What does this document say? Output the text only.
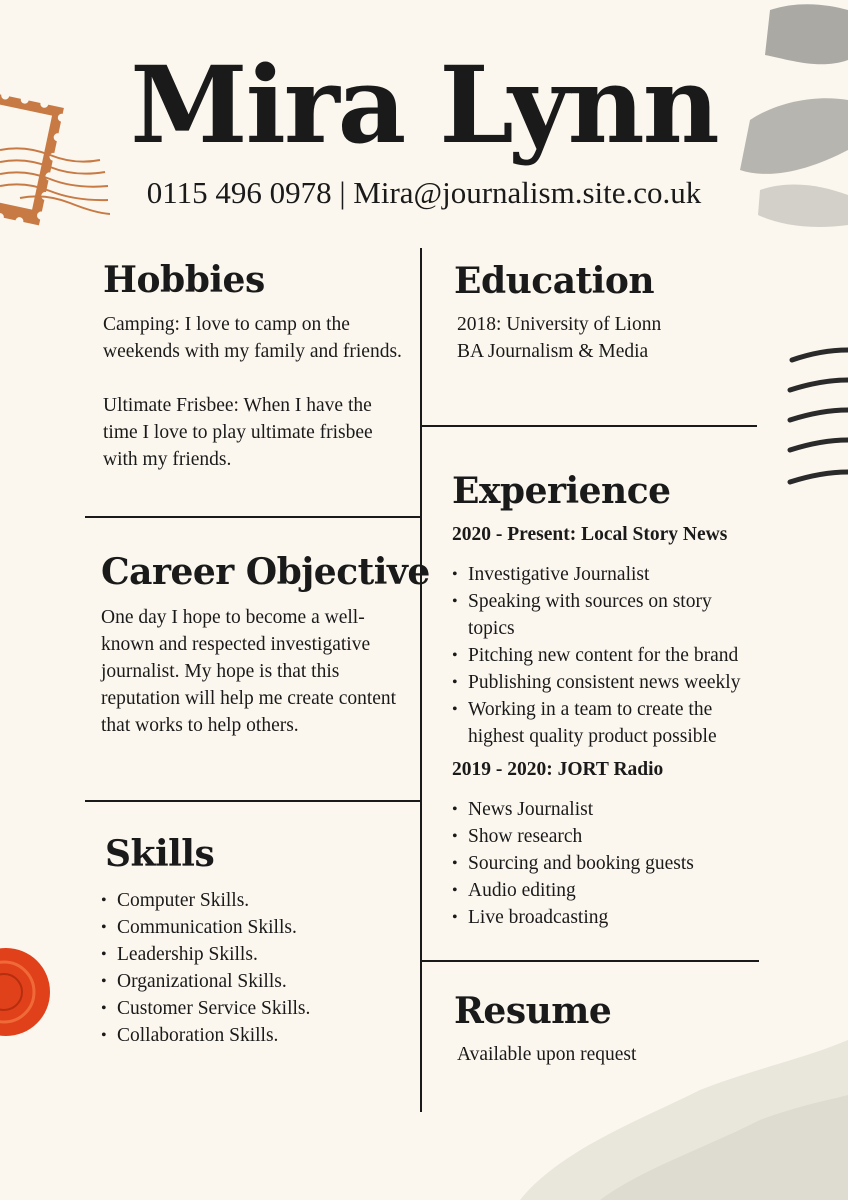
Mira Lynn
0115 496 0978 | Mira@journalism.site.co.uk
Hobbies

Camping: I love to camp on the weekends with my family and friends.

Ultimate Frisbee: When I have the time I love to play ultimate frisbee with my friends.

Career Objective
One day I hope to become a well-known and respected investigative journalist. My hope is that this reputation will help me create content that works to help others.
Skills
• Computer Skills.
• Communication Skills.
• Leadership Skills.
• Organizational Skills.
• Customer Service Skills.
• Collaboration Skills.
Education

2018: University of Lionn

BA Journalism & Media

Experience
2020 - Present: Local Story News
• Investigative Journalist
• Speaking with sources on story topics
• Pitching new content for the brand
• Publishing consistent news weekly
• Working in a team to create the highest quality product possible
2019 - 2020: JORT Radio
• News Journalist
• Show research
• Sourcing and booking guests
• Audio editing
• Live broadcasting
Resume
Available upon request
